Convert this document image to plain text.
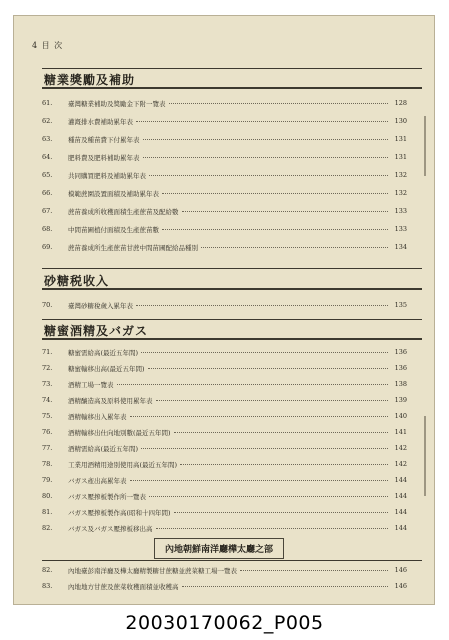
4 目 次
糖業獎勵及補助
61.	臺灣糖業補助及獎勵金下附一覽表	128
62.	灌漑排水費補助累年表	130
63.	種苗及種苗費下付累年表	131
64.	肥料費及肥料補助累年表	131
65.	共同購買肥料及補助累年表	132
66.	模範蔗園設置面積及補助累年表	132
67.	蔗苗養成所收穫面積生產蔗苗及配給數	133
68.	中間苗圃植付面積及生產蔗苗數	133
69.	蔗苗養成所生產蔗苗甘蔗中間苗圃配給品種別	134
砂糖税收入
70.	臺灣砂糖稅歲入累年表	135
糖蜜酒精及バガス
71.	糖蜜需給高(最近五年間)	136
72.	糖蜜輸移出高(最近五年間)	136
73.	酒精工場一覽表	138
74.	酒精釀造高及原料使用累年表	139
75.	酒精輸移出入累年表	140
76.	酒精輸移出仕向地別數(最近五年間)	141
77.	酒精需給高(最近五年間)	142
78.	工業用酒精用途別使用高(最近五年間)	142
79.	バガス產出高累年表	144
80.	バガス壓搾板製作所一覽表	144
81.	バガス壓搾板製作高(昭和十四年間)	144
82.	バガス及バガス壓搾板移出高	144
內地朝鮮南洋廳樺太廳之部
82.	內地臺彭南洋廳及樺太廳精製糖甘蔗糖並蔗菜糖工場一覽表	146
83.	內地地方甘蔗及蔗菜收穫面積並收穫高	146
20030170062_P005
